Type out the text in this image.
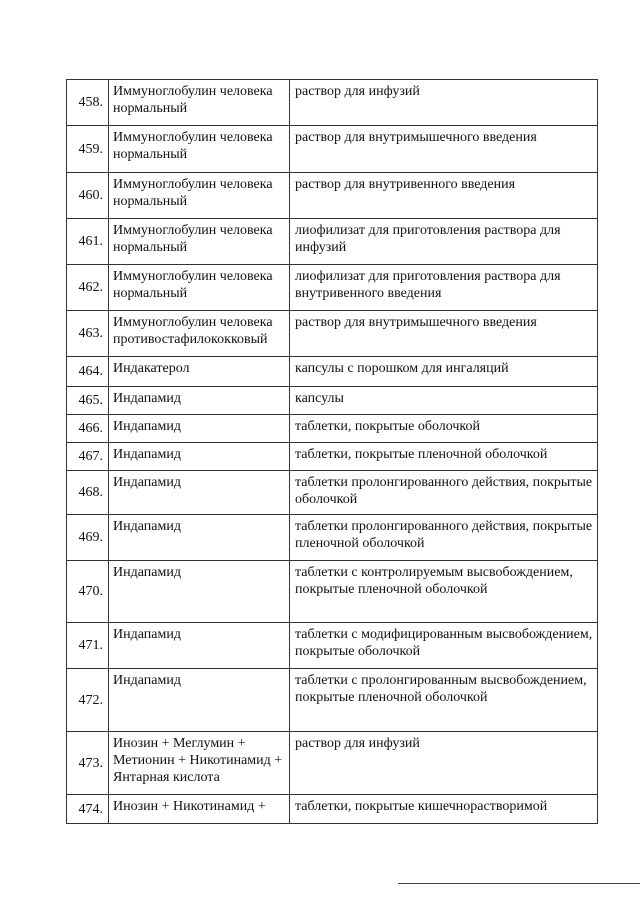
458.	Иммуноглобулин человека нормальный	раствор для инфузий
459.	Иммуноглобулин человека нормальный	раствор для внутримышечного введения
460.	Иммуноглобулин человека нормальный	раствор для внутривенного введения
461.	Иммуноглобулин человека нормальный	лиофилизат для приготовления раствора для инфузий
462.	Иммуноглобулин человека нормальный	лиофилизат для приготовления раствора для внутривенного введения
463.	Иммуноглобулин человека противостафилококковый	раствор для внутримышечного введения
464.	Индакатерол	капсулы с порошком для ингаляций
465.	Индапамид	капсулы
466.	Индапамид	таблетки, покрытые оболочкой
467.	Индапамид	таблетки, покрытые пленочной оболочкой
468.	Индапамид	таблетки пролонгированного действия, покрытые оболочкой
469.	Индапамид	таблетки пролонгированного действия, покрытые пленочной оболочкой
470.	Индапамид	таблетки с контролируемым высвобождением, покрытые пленочной оболочкой
471.	Индапамид	таблетки с модифицированным высвобождением, покрытые оболочкой
472.	Индапамид	таблетки с пролонгированным высвобождением, покрытые пленочной оболочкой
473.	Инозин + Меглумин + Метионин + Никотинамид + Янтарная кислота	раствор для инфузий
474.	Инозин + Никотинамид +	таблетки, покрытые кишечнорастворимой
